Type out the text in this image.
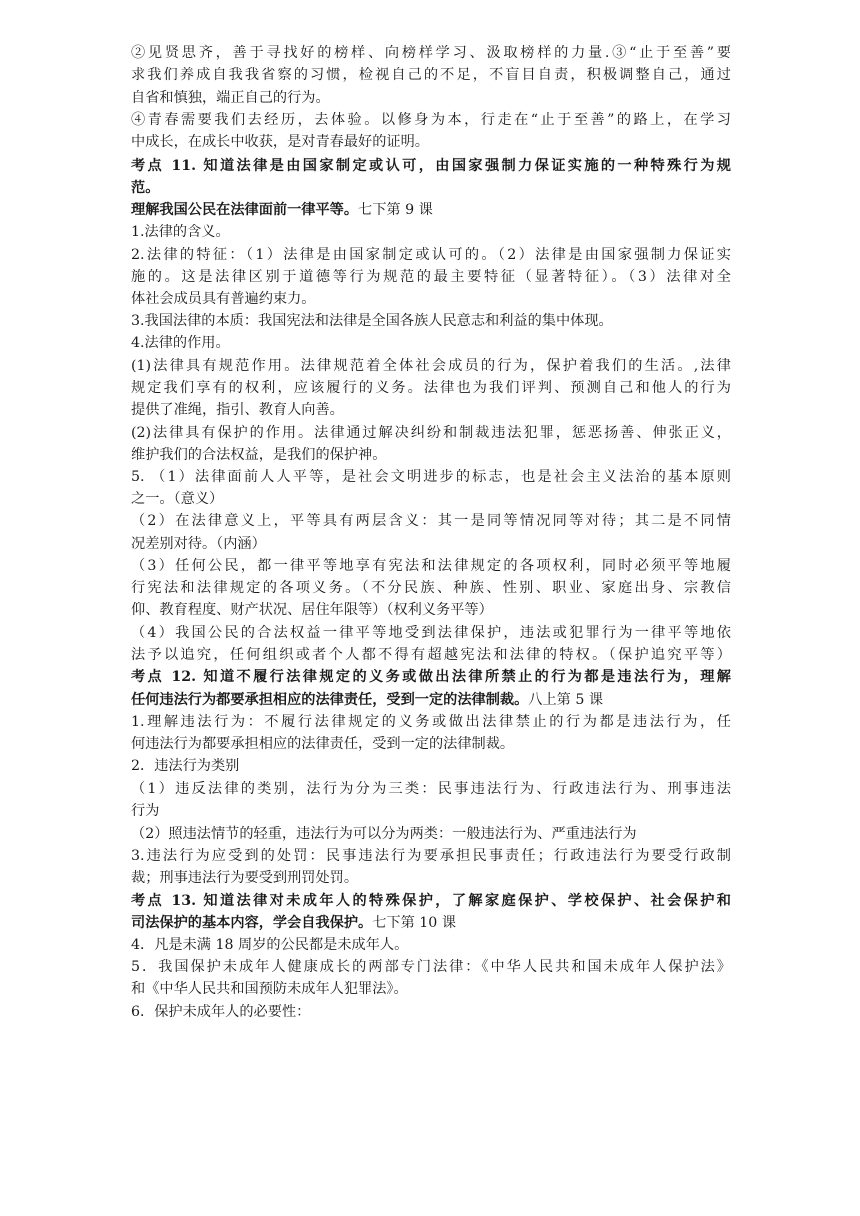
②见贤思齐，善于寻找好的榜样、向榜样学习、汲取榜样的力量.③“止于至善”要
求我们养成自我我省察的习惯，检视自己的不足，不盲目自责，积极调整自己，通过
自省和慎独，端正自己的行为。
④青春需要我们去经历，去体验。以修身为本，行走在“止于至善”的路上，在学习
中成长，在成长中收获，是对青春最好的证明。
考点 11. 知道法律是由国家制定或认可，由国家强制力保证实施的一种特殊行为规
范。
理解我国公民在法律面前一律平等。七下第 9 课
1.法律的含义。
2.法律的特征：（1）法律是由国家制定或认可的。（2）法律是由国家强制力保证实
施的。这是法律区别于道德等行为规范的最主要特征（显著特征）。（3）法律对全
体社会成员具有普遍约束力。
3.我国法律的本质：我国宪法和法律是全国各族人民意志和利益的集中体现。
4.法律的作用。
(1)法律具有规范作用。法律规范着全体社会成员的行为，保护着我们的生活。,法律
规定我们享有的权利，应该履行的义务。法律也为我们评判、预测自己和他人的行为
提供了准绳，指引、教育人向善。
(2)法律具有保护的作用。法律通过解决纠纷和制裁违法犯罪，惩恶扬善、伸张正义，
维护我们的合法权益，是我们的保护神。
5. （1）法律面前人人平等，是社会文明进步的标志，也是社会主义法治的基本原则
之一。（意义）
（2）在法律意义上，平等具有两层含义：其一是同等情况同等对待；其二是不同情
况差别对待。（内涵）
（3）任何公民，都一律平等地享有宪法和法律规定的各项权利，同时必须平等地履
行宪法和法律规定的各项义务。（不分民族、种族、性别、职业、家庭出身、宗教信
仰、教育程度、财产状况、居住年限等）（权利义务平等）
（4）我国公民的合法权益一律平等地受到法律保护，违法或犯罪行为一律平等地依
法予以追究，任何组织或者个人都不得有超越宪法和法律的特权。（保护追究平等）
考点 12. 知道不履行法律规定的义务或做出法律所禁止的行为都是违法行为，理解
任何违法行为都要承担相应的法律责任，受到一定的法律制裁。八上第 5 课
1.理解违法行为：不履行法律规定的义务或做出法律禁止的行为都是违法行为，任
何违法行为都要承担相应的法律责任，受到一定的法律制裁。
2．违法行为类别
（1）违反法律的类别，法行为分为三类：民事违法行为、行政违法行为、刑事违法
行为
（2）照违法情节的轻重，违法行为可以分为两类：一般违法行为、严重违法行为
3.违法行为应受到的处罚：民事违法行为要承担民事责任；行政违法行为要受行政制
裁；刑事违法行为要受到刑罚处罚。
考点 13. 知道法律对未成年人的特殊保护，了解家庭保护、学校保护、社会保护和
司法保护的基本内容，学会自我保护。七下第 10 课
4．凡是未满 18 周岁的公民都是未成年人。
5．我国保护未成年人健康成长的两部专门法律：《中华人民共和国未成年人保护法》
和《中华人民共和国预防未成年人犯罪法》。
6．保护未成年人的必要性：
